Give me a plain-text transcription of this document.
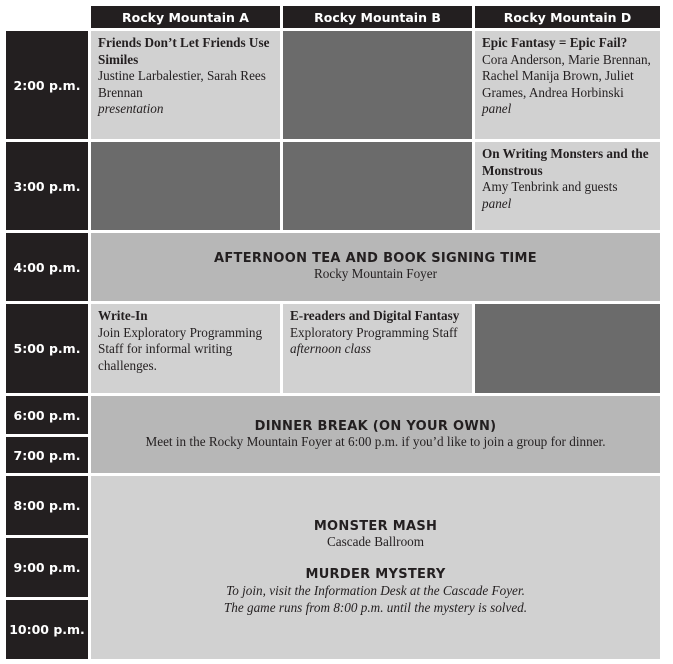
Rocky Mountain A	Rocky Mountain B	Rocky Mountain D
2:00 p.m.
3:00 p.m.
4:00 p.m.
5:00 p.m.
6:00 p.m.
7:00 p.m.
8:00 p.m.
9:00 p.m.
10:00 p.m.
Friends Don’t Let Friends Use Similes
Justine Larbalestier, Sarah Rees Brennan
presentation
Epic Fantasy = Epic Fail?
Cora Anderson, Marie Brennan, Rachel Manija Brown, Juliet Grames, Andrea Horbinski
panel
On Writing Monsters and the Monstrous
Amy Tenbrink and guests
panel
AFTERNOON TEA AND BOOK SIGNING TIME
Rocky Mountain Foyer
Write-In
Join Exploratory Programming Staff for informal writing challenges.
E-readers and Digital Fantasy
Exploratory Programming Staff
afternoon class
DINNER BREAK (ON YOUR OWN)
Meet in the Rocky Mountain Foyer at 6:00 p.m. if you’d like to join a group for dinner.
MONSTER MASH
Cascade Ballroom
MURDER MYSTERY
To join, visit the Information Desk at the Cascade Foyer.
The game runs from 8:00 p.m. until the mystery is solved.
